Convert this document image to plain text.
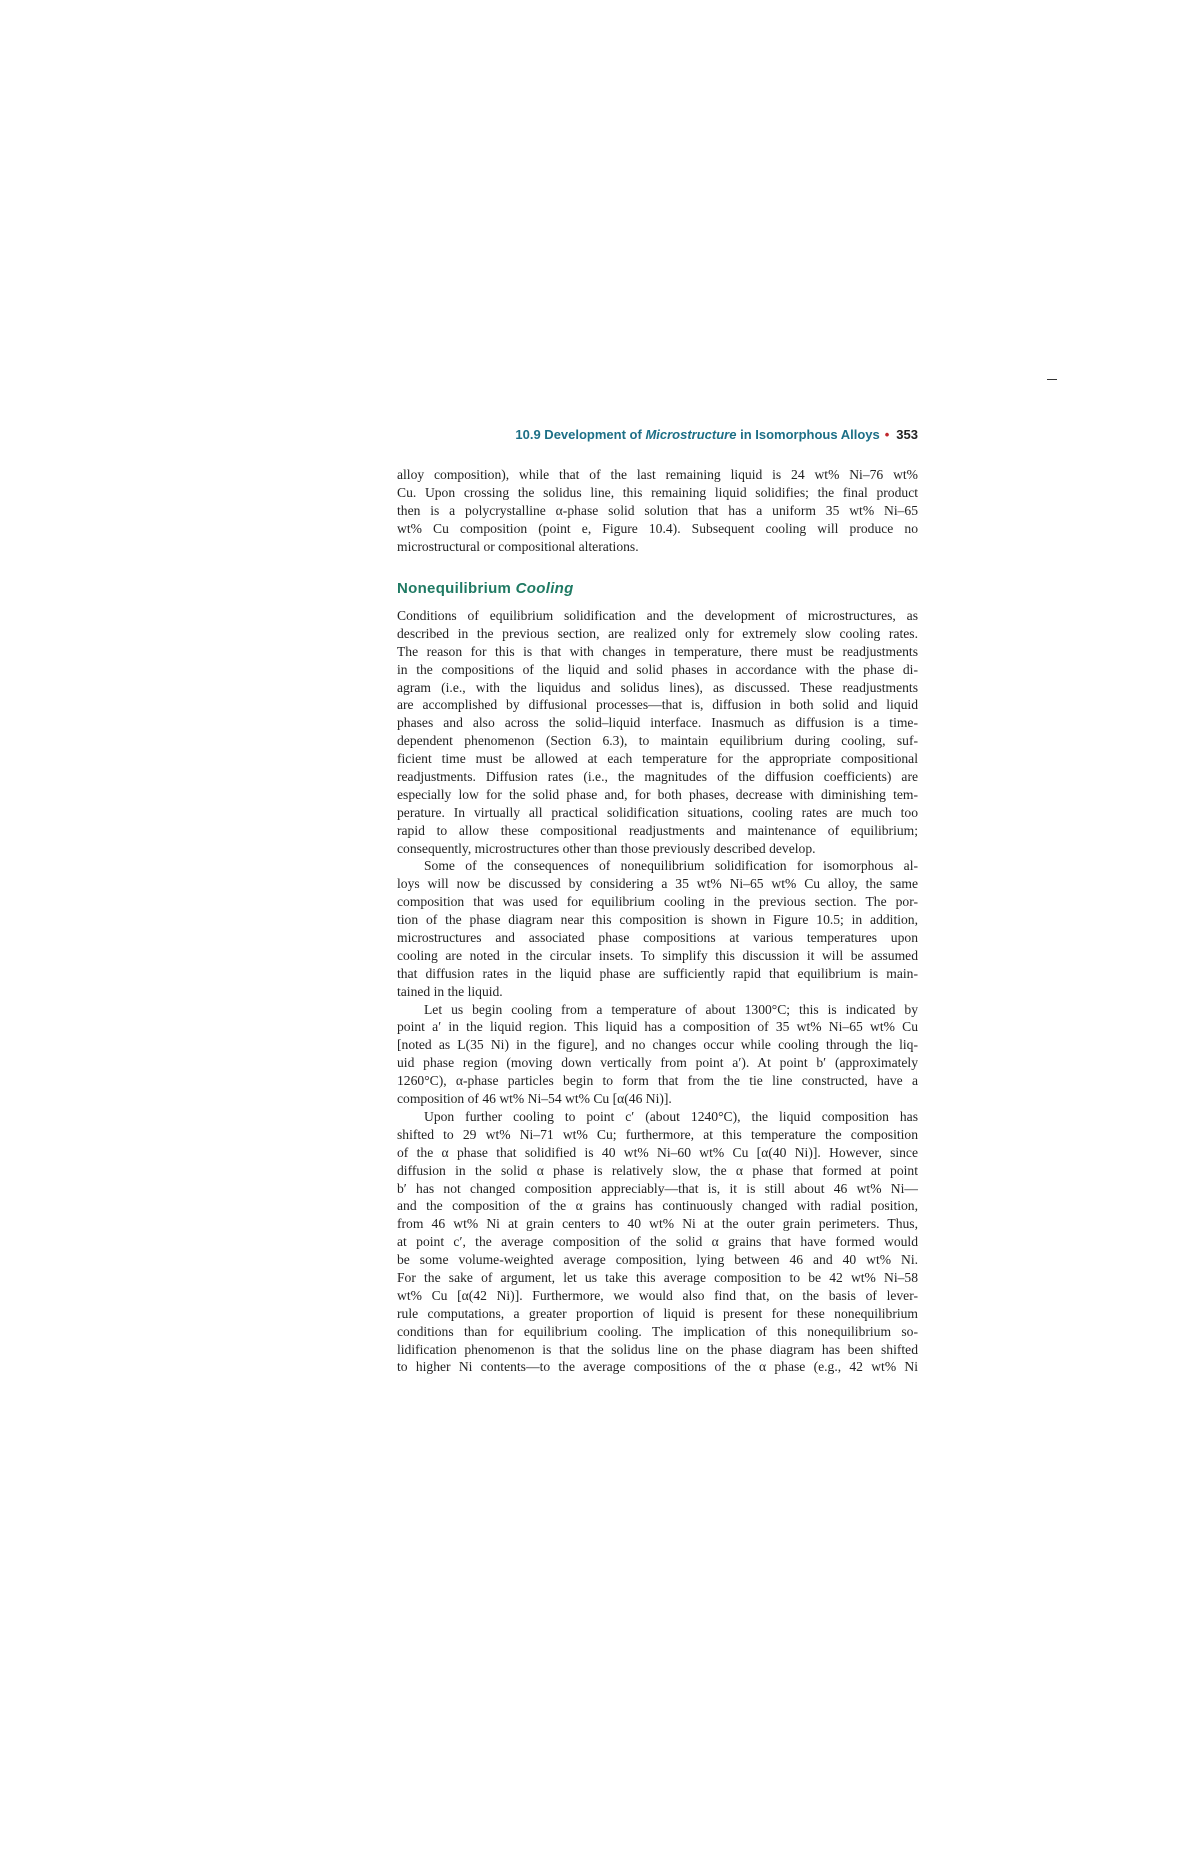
10.9 Development of Microstructure in Isomorphous Alloys • 353
alloy composition), while that of the last remaining liquid is 24 wt% Ni–76 wt%
Cu. Upon crossing the solidus line, this remaining liquid solidifies; the final product
then is a polycrystalline α-phase solid solution that has a uniform 35 wt% Ni–65
wt% Cu composition (point e, Figure 10.4). Subsequent cooling will produce no
microstructural or compositional alterations.
Nonequilibrium Cooling
Conditions of equilibrium solidification and the development of microstructures, as
described in the previous section, are realized only for extremely slow cooling rates.
The reason for this is that with changes in temperature, there must be readjustments
in the compositions of the liquid and solid phases in accordance with the phase di-
agram (i.e., with the liquidus and solidus lines), as discussed. These readjustments
are accomplished by diffusional processes—that is, diffusion in both solid and liquid
phases and also across the solid–liquid interface. Inasmuch as diffusion is a time-
dependent phenomenon (Section 6.3), to maintain equilibrium during cooling, suf-
ficient time must be allowed at each temperature for the appropriate compositional
readjustments. Diffusion rates (i.e., the magnitudes of the diffusion coefficients) are
especially low for the solid phase and, for both phases, decrease with diminishing tem-
perature. In virtually all practical solidification situations, cooling rates are much too
rapid to allow these compositional readjustments and maintenance of equilibrium;
consequently, microstructures other than those previously described develop.
Some of the consequences of nonequilibrium solidification for isomorphous al-
loys will now be discussed by considering a 35 wt% Ni–65 wt% Cu alloy, the same
composition that was used for equilibrium cooling in the previous section. The por-
tion of the phase diagram near this composition is shown in Figure 10.5; in addition,
microstructures and associated phase compositions at various temperatures upon
cooling are noted in the circular insets. To simplify this discussion it will be assumed
that diffusion rates in the liquid phase are sufficiently rapid that equilibrium is main-
tained in the liquid.
Let us begin cooling from a temperature of about 1300°C; this is indicated by
point a′ in the liquid region. This liquid has a composition of 35 wt% Ni–65 wt% Cu
[noted as L(35 Ni) in the figure], and no changes occur while cooling through the liq-
uid phase region (moving down vertically from point a′). At point b′ (approximately
1260°C), α-phase particles begin to form that from the tie line constructed, have a
composition of 46 wt% Ni–54 wt% Cu [α(46 Ni)].
Upon further cooling to point c′ (about 1240°C), the liquid composition has
shifted to 29 wt% Ni–71 wt% Cu; furthermore, at this temperature the composition
of the α phase that solidified is 40 wt% Ni–60 wt% Cu [α(40 Ni)]. However, since
diffusion in the solid α phase is relatively slow, the α phase that formed at point
b′ has not changed composition appreciably—that is, it is still about 46 wt% Ni—
and the composition of the α grains has continuously changed with radial position,
from 46 wt% Ni at grain centers to 40 wt% Ni at the outer grain perimeters. Thus,
at point c′, the average composition of the solid α grains that have formed would
be some volume-weighted average composition, lying between 46 and 40 wt% Ni.
For the sake of argument, let us take this average composition to be 42 wt% Ni–58
wt% Cu [α(42 Ni)]. Furthermore, we would also find that, on the basis of lever-
rule computations, a greater proportion of liquid is present for these nonequilibrium
conditions than for equilibrium cooling. The implication of this nonequilibrium so-
lidification phenomenon is that the solidus line on the phase diagram has been shifted
to higher Ni contents—to the average compositions of the α phase (e.g., 42 wt% Ni
